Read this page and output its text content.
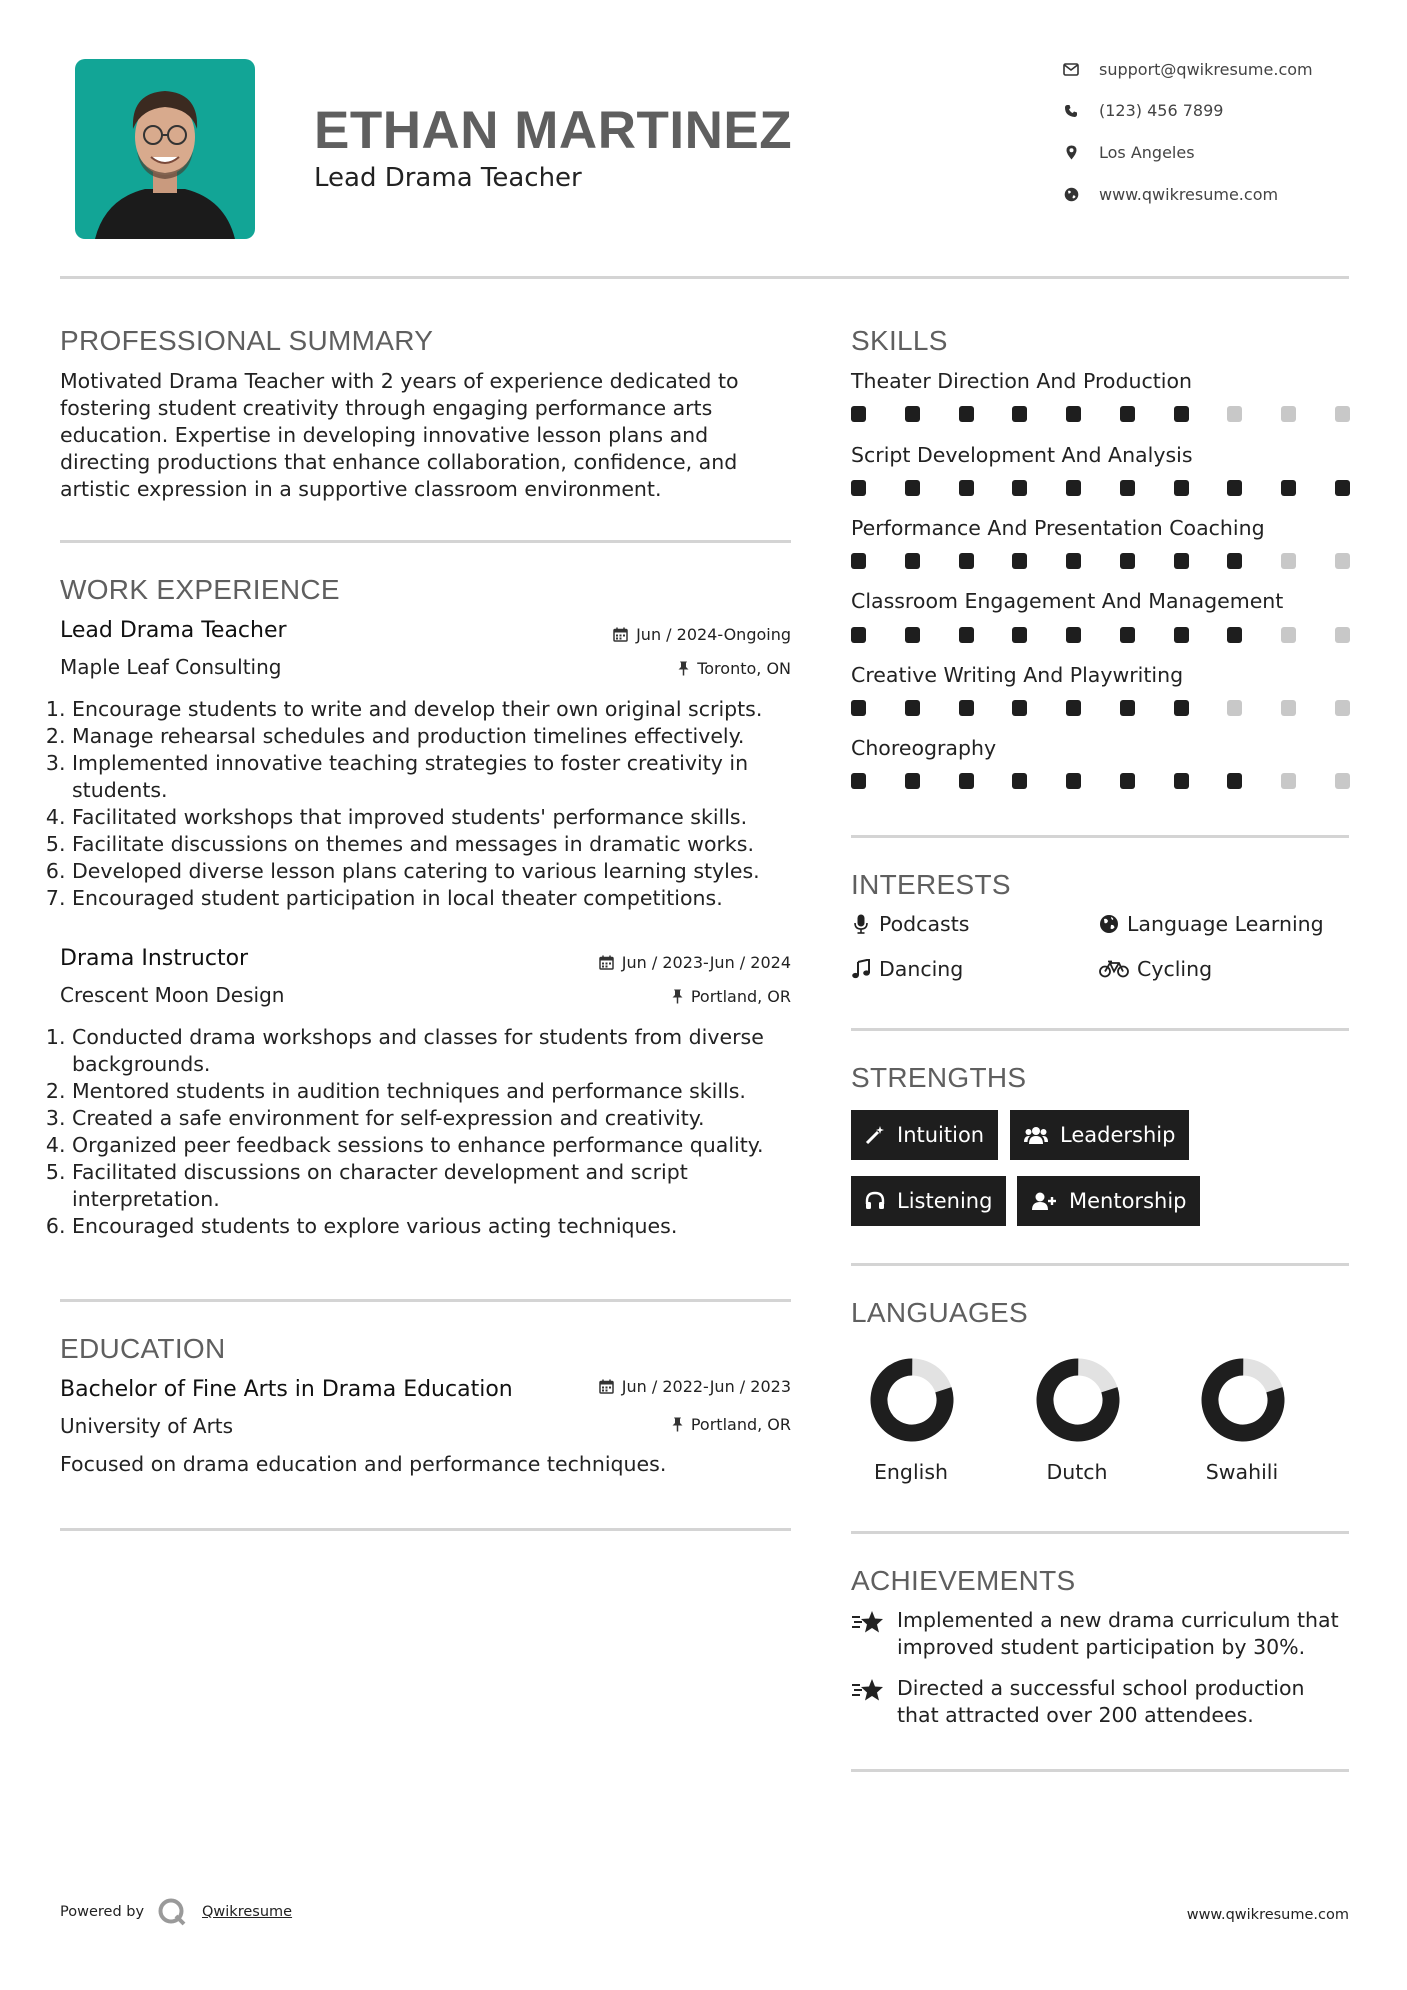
ETHAN MARTINEZ
Lead Drama Teacher
support@qwikresume.com
(123) 456 7899
Los Angeles
www.qwikresume.com
PROFESSIONAL SUMMARY
Motivated Drama Teacher with 2 years of experience dedicated to fostering student creativity through engaging performance arts education. Expertise in developing innovative lesson plans and directing productions that enhance collaboration, confidence, and artistic expression in a supportive classroom environment.
WORK EXPERIENCE
Lead Drama Teacher	Jun / 2024-Ongoing
Maple Leaf Consulting	Toronto, ON
1. Encourage students to write and develop their own original scripts.
2. Manage rehearsal schedules and production timelines effectively.
3. Implemented innovative teaching strategies to foster creativity in students.
4. Facilitated workshops that improved students' performance skills.
5. Facilitate discussions on themes and messages in dramatic works.
6. Developed diverse lesson plans catering to various learning styles.
7. Encouraged student participation in local theater competitions.
Drama Instructor	Jun / 2023-Jun / 2024
Crescent Moon Design	Portland, OR
1. Conducted drama workshops and classes for students from diverse backgrounds.
2. Mentored students in audition techniques and performance skills.
3. Created a safe environment for self-expression and creativity.
4. Organized peer feedback sessions to enhance performance quality.
5. Facilitated discussions on character development and script interpretation.
6. Encouraged students to explore various acting techniques.
EDUCATION
Bachelor of Fine Arts in Drama Education	Jun / 2022-Jun / 2023
University of Arts	Portland, OR
Focused on drama education and performance techniques.
SKILLS
Theater Direction And Production
Script Development And Analysis
Performance And Presentation Coaching
Classroom Engagement And Management
Creative Writing And Playwriting
Choreography
INTERESTS
Podcasts	Language Learning
Dancing	Cycling
STRENGTHS
Intuition	Leadership
Listening	Mentorship
LANGUAGES
English	Dutch	Swahili
ACHIEVEMENTS
Implemented a new drama curriculum that improved student participation by 30%.
Directed a successful school production that attracted over 200 attendees.
Powered by	Qwikresume	www.qwikresume.com
